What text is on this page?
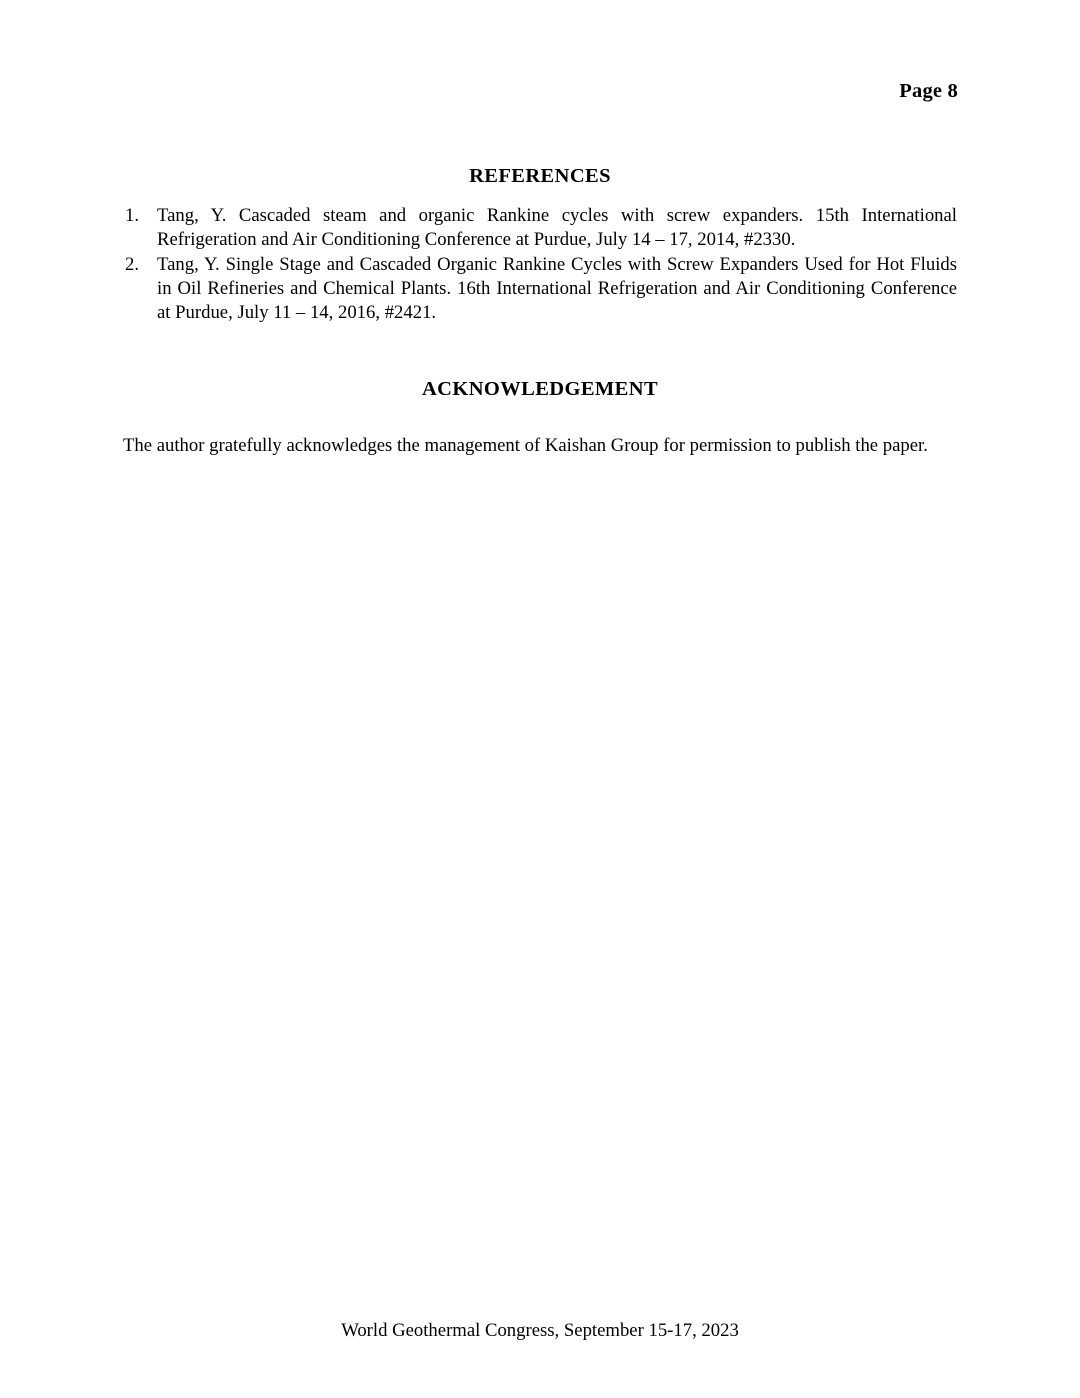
Page 8
REFERENCES
1. Tang, Y. Cascaded steam and organic Rankine cycles with screw expanders. 15th International Refrigeration and Air Conditioning Conference at Purdue, July 14 – 17, 2014, #2330.
2. Tang, Y. Single Stage and Cascaded Organic Rankine Cycles with Screw Expanders Used for Hot Fluids in Oil Refineries and Chemical Plants. 16th International Refrigeration and Air Conditioning Conference at Purdue, July 11 – 14, 2016, #2421.
ACKNOWLEDGEMENT

The author gratefully acknowledges the management of Kaishan Group for permission to publish the paper.

World Geothermal Congress, September 15-17, 2023
